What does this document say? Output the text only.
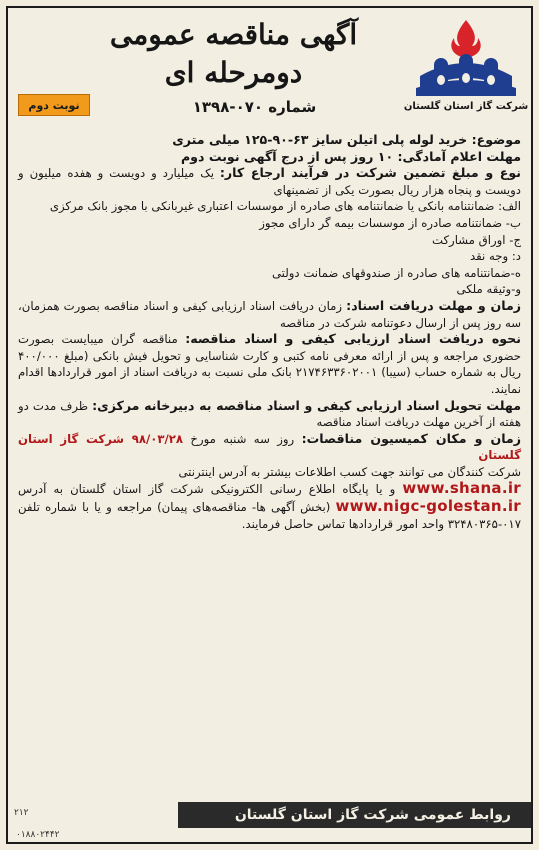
شرکت گاز استان گلستان
آگهی مناقصه عمومی
دومرحله ای
نوبت دوم	شماره ۰۷۰-۱۳۹۸

موضوع: خرید لوله پلی اتیلن سایز ۶۳-۹۰-۱۲۵ میلی متری

مهلت اعلام آمادگی: ۱۰ روز پس از درج آگهی نوبت دوم

نوع و مبلغ تضمین شرکت در فرآیند ارجاع کار: یک میلیارد و دویست و هفده میلیون و دویست و پنجاه هزار ریال بصورت یکی از تضمینهای

الف: ضمانتنامه بانکی یا ضمانتنامه های صادره از موسسات اعتباری غیربانکی با مجوز بانک مرکزی

ب- ضمانتنامه صادره از موسسات بیمه گر دارای مجوز

ج- اوراق مشارکت

د: وجه نقد

ه-ضمانتنامه های صادره از صندوقهای ضمانت دولتی

و-وثیقه ملکی

زمان و مهلت دریافت اسناد: زمان دریافت اسناد ارزیابی کیفی و اسناد مناقصه بصورت همزمان، سه روز پس از ارسال دعوتنامه شرکت در مناقصه

نحوه دریافت اسناد ارزیابی کیفی و اسناد مناقصه: مناقصه گران میبایست بصورت حضوری مراجعه و پس از ارائه معرفی نامه کتبی و کارت شناسایی و تحویل فیش بانکی (مبلغ ۴۰۰/۰۰۰ ریال به شماره حساب (سیبا) ۲۱۷۴۶۳۳۶۰۲۰۰۱ بانک ملی نسبت به دریافت اسناد از امور قراردادها اقدام نمایند.

مهلت تحویل اسناد ارزیابی کیفی و اسناد مناقصه به دبیرخانه مرکزی: ظرف مدت دو هفته از آخرین مهلت دریافت اسناد مناقصه

زمان و مکان کمیسیون مناقصات: روز سه شنبه مورخ ۹۸/۰۳/۲۸ شرکت گاز استان گلستان

شرکت کنندگان می توانند جهت کسب اطلاعات بیشتر به آدرس اینترنتی
www.shana.ir و یا پایگاه اطلاع رسانی الکترونیکی شرکت گاز استان گلستان به آدرس www.nigc-golestan.ir (بخش آگهی ها- مناقصه‌های پیمان) مراجعه و یا با شماره تلفن ۰۱۷-۳۲۴۸۰۳۶۵ واحد امور قراردادها تماس حاصل فرمایند.

روابط عمومی شرکت گاز استان گلستان
۲۱۲
۰۱۸۸۰۲۴۴۲
